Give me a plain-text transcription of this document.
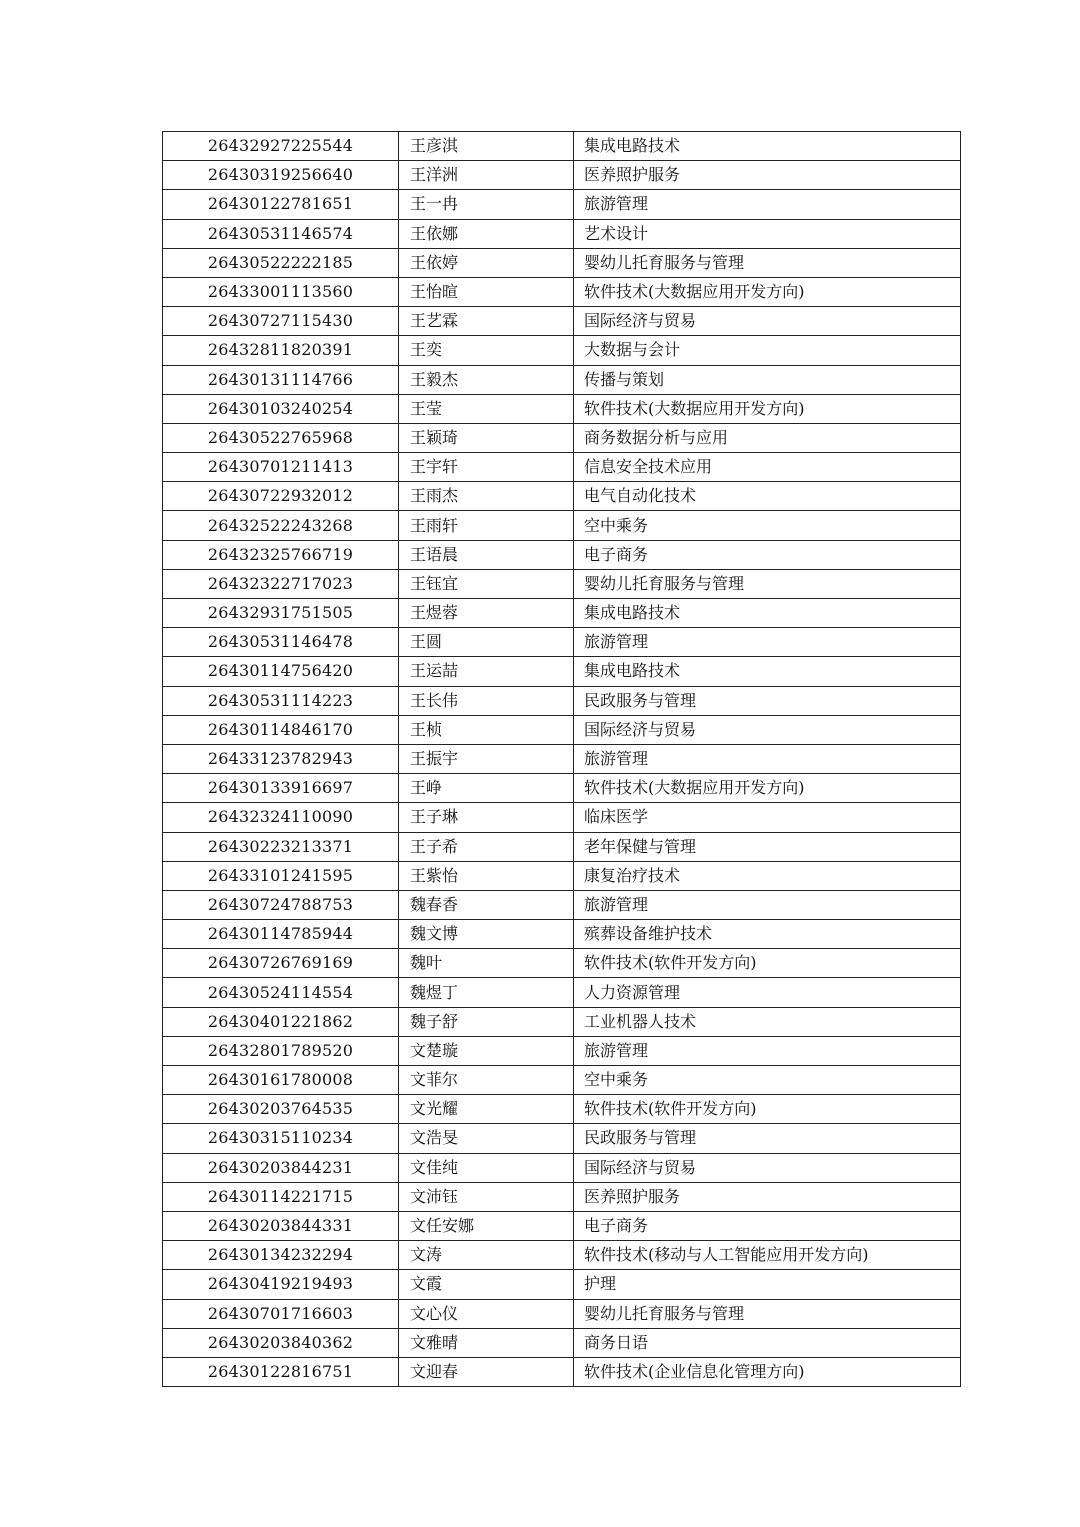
26432927225544	王彦淇	集成电路技术
26430319256640	王洋洲	医养照护服务
26430122781651	王一冉	旅游管理
26430531146574	王依娜	艺术设计
26430522222185	王依婷	婴幼儿托育服务与管理
26433001113560	王怡暄	软件技术(大数据应用开发方向)
26430727115430	王艺霖	国际经济与贸易
26432811820391	王奕	大数据与会计
26430131114766	王毅杰	传播与策划
26430103240254	王莹	软件技术(大数据应用开发方向)
26430522765968	王颖琦	商务数据分析与应用
26430701211413	王宇轩	信息安全技术应用
26430722932012	王雨杰	电气自动化技术
26432522243268	王雨轩	空中乘务
26432325766719	王语晨	电子商务
26432322717023	王钰宜	婴幼儿托育服务与管理
26432931751505	王煜蓉	集成电路技术
26430531146478	王圆	旅游管理
26430114756420	王运喆	集成电路技术
26430531114223	王长伟	民政服务与管理
26430114846170	王桢	国际经济与贸易
26433123782943	王振宇	旅游管理
26430133916697	王峥	软件技术(大数据应用开发方向)
26432324110090	王子琳	临床医学
26430223213371	王子希	老年保健与管理
26433101241595	王紫怡	康复治疗技术
26430724788753	魏春香	旅游管理
26430114785944	魏文博	殡葬设备维护技术
26430726769169	魏叶	软件技术(软件开发方向)
26430524114554	魏煜丁	人力资源管理
26430401221862	魏子舒	工业机器人技术
26432801789520	文楚璇	旅游管理
26430161780008	文菲尔	空中乘务
26430203764535	文光耀	软件技术(软件开发方向)
26430315110234	文浩旻	民政服务与管理
26430203844231	文佳纯	国际经济与贸易
26430114221715	文沛钰	医养照护服务
26430203844331	文任安娜	电子商务
26430134232294	文涛	软件技术(移动与人工智能应用开发方向)
26430419219493	文霞	护理
26430701716603	文心仪	婴幼儿托育服务与管理
26430203840362	文雅晴	商务日语
26430122816751	文迎春	软件技术(企业信息化管理方向)
